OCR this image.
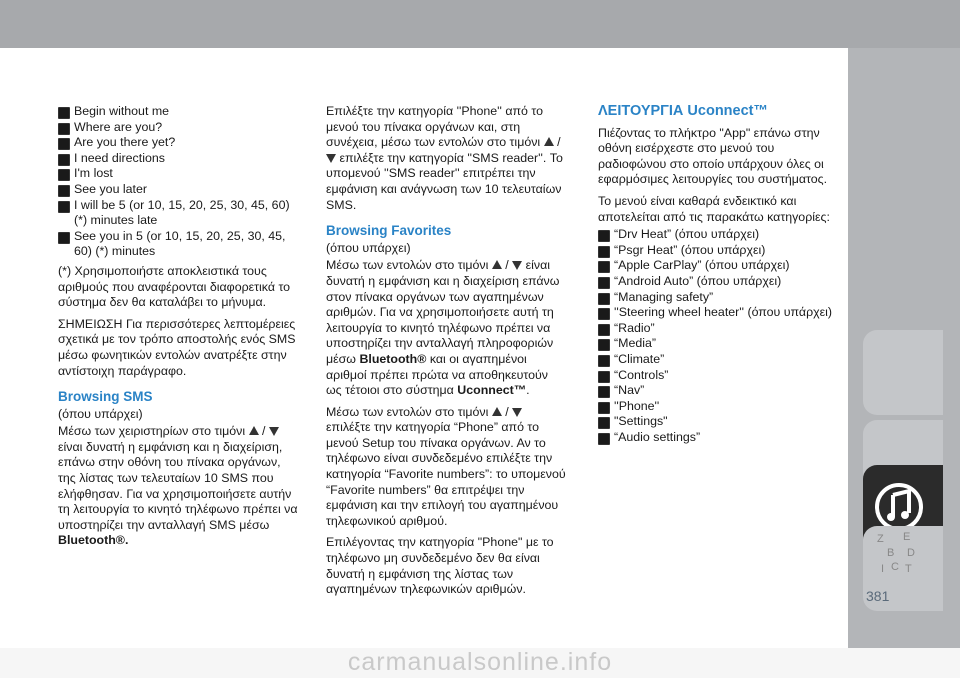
Z E
B D
I C T
381
Begin without me
Where are you?
Are you there yet?
I need directions
I'm lost
See you later
I will be 5 (or 10, 15, 20, 25, 30, 45, 60) (*) minutes late
See you in 5 (or 10, 15, 20, 25, 30, 45, 60) (*) minutes

(*) Χρησιμοποιήστε αποκλειστικά τους αριθμούς που αναφέρονται διαφορετικά το σύστημα δεν θα καταλάβει το μήνυμα.

ΣΗΜΕΙΩΣΗ Για περισσότερες λεπτομέρειες σχετικά με τον τρόπο αποστολής ενός SMS μέσω φωνητικών εντολών ανατρέξτε στην αντίστοιχη παράγραφο.

Browsing SMS

(όπου υπάρχει)

Μέσω των χειριστηρίων στο τιμόνι  /  είναι δυνατή η εμφάνιση και η διαχείριση, επάνω στην οθόνη του πίνακα οργάνων, της λίστας των τελευταίων 10 SMS που ελήφθησαν. Για να χρησιμοποιήσετε αυτήν τη λειτουργία το κινητό τηλέφωνο πρέπει να υποστηρίζει την ανταλλαγή SMS μέσω Bluetooth®.

Επιλέξτε την κατηγορία ''Phone'' από το μενού του πίνακα οργάνων και, στη συνέχεια, μέσω των εντολών στο τιμόνι  /  επιλέξτε την κατηγορία ''SMS reader''. Το υπομενού ''SMS reader'' επιτρέπει την εμφάνιση και ανάγνωση των 10 τελευταίων SMS.

Browsing Favorites

(όπου υπάρχει)

Μέσω των εντολών στο τιμόνι  /  είναι δυνατή η εμφάνιση και η διαχείριση επάνω στον πίνακα οργάνων των αγαπημένων αριθμών. Για να χρησιμοποιήσετε αυτή τη λειτουργία το κινητό τηλέφωνο πρέπει να υποστηρίζει την ανταλλαγή πληροφοριών μέσω Bluetooth® και οι αγαπημένοι αριθμοί πρέπει πρώτα να αποθηκευτούν ως τέτοιοι στο σύστημα Uconnect™.

Μέσω των εντολών στο τιμόνι  /  επιλέξτε την κατηγορία “Phone” από το μενού Setup του πίνακα οργάνων. Αν το τηλέφωνο είναι συνδεδεμένο επιλέξτε την κατηγορία “Favorite numbers”: το υπομενού “Favorite numbers” θα επιτρέψει την εμφάνιση και την επιλογή του αγαπημένου τηλεφωνικού αριθμού.

Επιλέγοντας την κατηγορία "Phone" με το τηλέφωνο μη συνδεδεμένο δεν θα είναι δυνατή η εμφάνιση της λίστας των αγαπημένων τηλεφωνικών αριθμών.

ΛΕΙΤΟΥΡΓΙΑ Uconnect™

Πιέζοντας το πλήκτρο "App" επάνω στην οθόνη εισέρχεστε στο μενού του ραδιοφώνου στο οποίο υπάρχουν όλες οι εφαρμόσιμες λειτουργίες του συστήματος.

Το μενού είναι καθαρά ενδεικτικό και αποτελείται από τις παρακάτω κατηγορίες:

“Drv Heat” (όπου υπάρχει)
“Psgr Heat” (όπου υπάρχει)
“Apple CarPlay” (όπου υπάρχει)
“Android Auto” (όπου υπάρχει)
“Managing safety”
''Steering wheel heater'' (όπου υπάρχει)
“Radio”
“Media”
“Climate”
“Controls”
“Nav”
''Phone''
"Settings"
“Audio settings”
carmanualsonline.info
